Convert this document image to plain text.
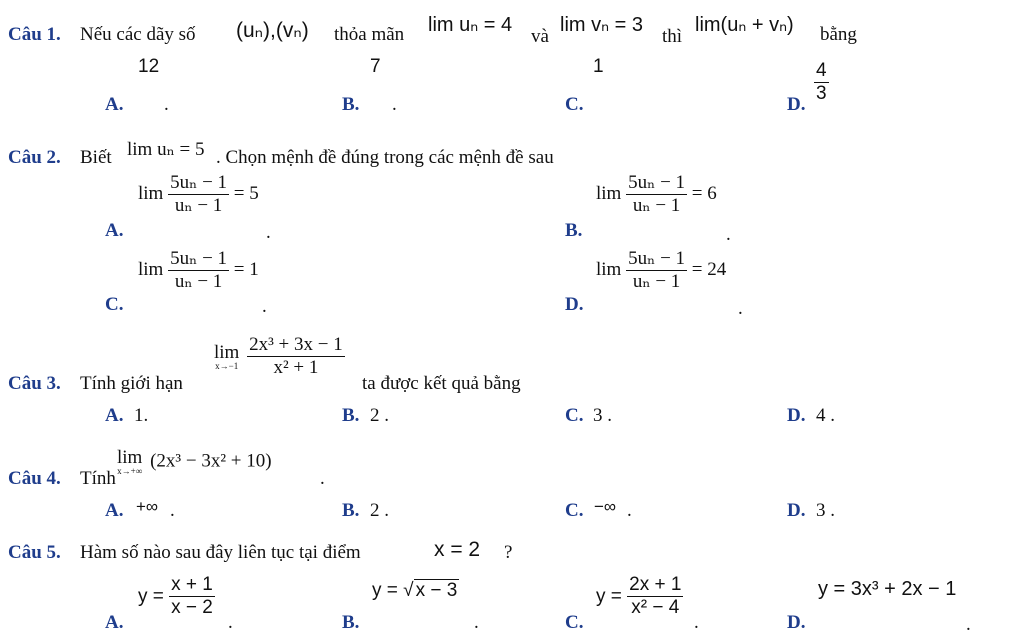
Câu 1. Nếu các dãy số (uₙ),(vₙ) thỏa mãn lim uₙ = 4
và
lim vₙ = 3
thì
lim(uₙ + vₙ) bằng
12
A. .
7
B. .
1
C.	D. $\frac{4}{3}$
Câu 2. Biết lim uₙ = 5 . Chọn mệnh đề đúng trong các mệnh đề sau
A.
$\lim \frac{\text{5uₙ − 1}}{\text{uₙ − 1}} = 5$
.	B.
$\lim \frac{\text{5uₙ − 1}}{\text{uₙ − 1}} = 6$
.
C.
$\lim \frac{\text{5uₙ − 1}}{\text{uₙ − 1}} = 1$
.	D.
$\lim \frac{\text{5uₙ − 1}}{\text{uₙ − 1}} = 24$
.
Câu 3. Tính giới hạn
lim
x→−1
$\frac{\text{2x³ + 3x − 1}}{\text{x² + 1}}$
ta được kết quả bằng
A. 1.	B. 2 .	C. 3 .	D. 4 .
Câu 4. Tính
lim
x→+∞ (2x³ − 3x² + 10)
.
A. +∞ .	B. 2 .	C. −∞ .	D. 3 .
Câu 5. Hàm số nào sau đây liên tục tại điểm	x = 2 ?
A.
$y = \frac{x + 1}{x - 2}$
.	B.
y = √ x − 3
.	C.
$y = \frac{2x + 1}{\text{x² − 4}}$
.	D.
y = 3x³ + 2x − 1
.
